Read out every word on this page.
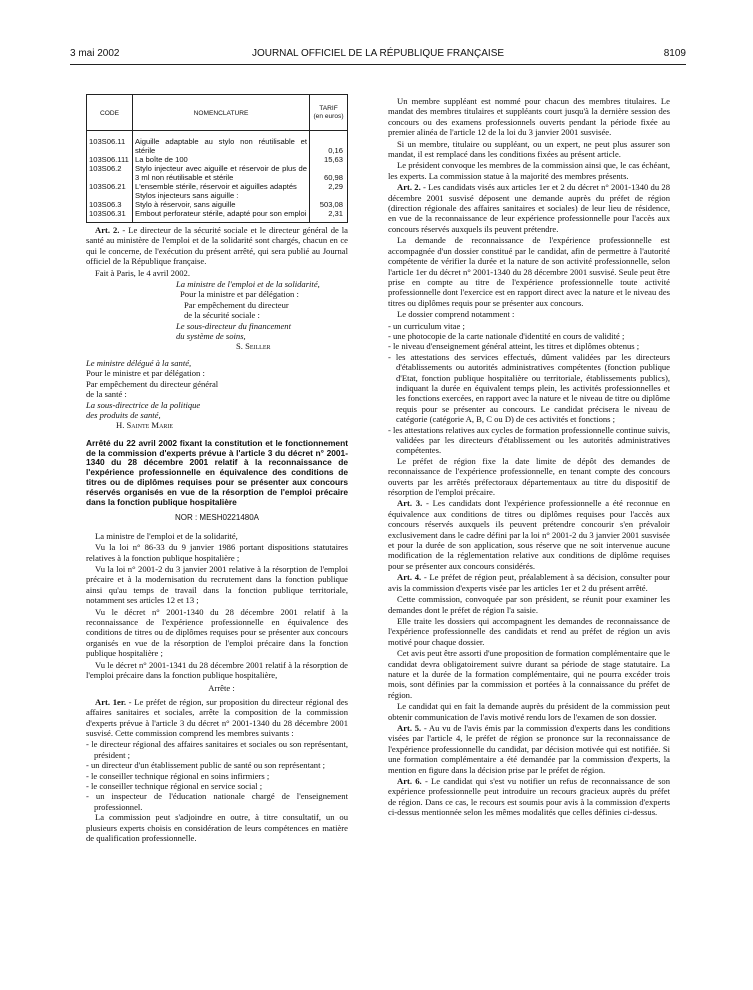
3 mai 2002	JOURNAL OFFICIEL DE LA RÉPUBLIQUE FRANÇAISE	8109
CODE	NOMENCLATURE	TARIF
(en euros)
103S06.11	Aiguille adaptable au stylo non réutilisable et stérile	0,16
103S06.111	La boîte de 100	15,63
103S06.2	Stylo injecteur avec aiguille et réservoir de plus de 3 ml non réutilisable et stérile	60,98
103S06.21	L'ensemble stérile, réservoir et aiguilles adaptés	2,29
	Stylos injecteurs sans aiguille :	
103S06.3	Stylo à réservoir, sans aiguille	503,08
103S06.31	Embout perforateur stérile, adapté pour son emploi	2,31

Art. 2. - Le directeur de la sécurité sociale et le directeur général de la santé au ministère de l'emploi et de la solidarité sont chargés, chacun en ce qui le concerne, de l'exécution du présent arrêté, qui sera publié au Journal officiel de la République française.

Fait à Paris, le 4 avril 2002.

La ministre de l'emploi et de la solidarité,
Pour la ministre et par délégation :
Par empêchement du directeur
de la sécurité sociale :
Le sous-directeur du financement
du système de soins,
S. Seiller
Le ministre délégué à la santé,
Pour le ministre et par délégation :
Par empêchement du directeur général
de la santé :
La sous-directrice de la politique
des produits de santé,
H. Sainte Marie
Arrêté du 22 avril 2002 fixant la constitution et le fonctionnement de la commission d'experts prévue à l'article 3 du décret n° 2001-1340 du 28 décembre 2001 relatif à la reconnaissance de l'expérience professionnelle en équivalence des conditions de titres ou de diplômes requises pour se présenter aux concours réservés organisés en vue de la résorption de l'emploi précaire dans la fonction publique hospitalière
NOR : MESH0221480A

La ministre de l'emploi et de la solidarité,

Vu la loi n° 86-33 du 9 janvier 1986 portant dispositions statutaires relatives à la fonction publique hospitalière ;

Vu la loi n° 2001-2 du 3 janvier 2001 relative à la résorption de l'emploi précaire et à la modernisation du recrutement dans la fonction publique ainsi qu'au temps de travail dans la fonction publique territoriale, notamment ses articles 12 et 13 ;

Vu le décret n° 2001-1340 du 28 décembre 2001 relatif à la reconnaissance de l'expérience professionnelle en équivalence des conditions de titres ou de diplômes requises pour se présenter aux concours organisés en vue de la résorption de l'emploi précaire dans la fonction publique hospitalière ;

Vu le décret n° 2001-1341 du 28 décembre 2001 relatif à la résorption de l'emploi précaire dans la fonction publique hospitalière,

Arrête :

Art. 1er. - Le préfet de région, sur proposition du directeur régional des affaires sanitaires et sociales, arrête la composition de la commission d'experts prévue à l'article 3 du décret n° 2001-1340 du 28 décembre 2001 susvisé. Cette commission comprend les membres suivants :

- le directeur régional des affaires sanitaires et sociales ou son représentant, président ;
- un directeur d'un établissement public de santé ou son représentant ;
- le conseiller technique régional en soins infirmiers ;
- le conseiller technique régional en service social ;
- un inspecteur de l'éducation nationale chargé de l'enseignement professionnel.

La commission peut s'adjoindre en outre, à titre consultatif, un ou plusieurs experts choisis en considération de leurs compétences en matière de qualification professionnelle.

Un membre suppléant est nommé pour chacun des membres titulaires. Le mandat des membres titulaires et suppléants court jusqu'à la dernière session des concours ou des examens professionnels ouverts pendant la période fixée au premier alinéa de l'article 12 de la loi du 3 janvier 2001 susvisée.

Si un membre, titulaire ou suppléant, ou un expert, ne peut plus assurer son mandat, il est remplacé dans les conditions fixées au présent article.

Le président convoque les membres de la commission ainsi que, le cas échéant, les experts. La commission statue à la majorité des membres présents.

Art. 2. - Les candidats visés aux articles 1er et 2 du décret n° 2001-1340 du 28 décembre 2001 susvisé déposent une demande auprès du préfet de région (direction régionale des affaires sanitaires et sociales) de leur lieu de résidence, en vue de la reconnaissance de leur expérience professionnelle pour l'accès aux concours réservés auxquels ils peuvent prétendre.

La demande de reconnaissance de l'expérience professionnelle est accompagnée d'un dossier constitué par le candidat, afin de permettre à l'autorité compétente de vérifier la durée et la nature de son activité professionnelle, selon l'article 1er du décret n° 2001-1340 du 28 décembre 2001 susvisé. Seule peut être prise en compte au titre de l'expérience professionnelle toute activité professionnelle dont l'exercice est en rapport direct avec la nature et le niveau des titres ou diplômes requis pour se présenter aux concours.

Le dossier comprend notamment :

- un curriculum vitae ;
- une photocopie de la carte nationale d'identité en cours de validité ;
- le niveau d'enseignement général atteint, les titres et diplômes obtenus ;
- les attestations des services effectués, dûment validées par les directeurs d'établissements ou autorités administratives compétentes (fonction publique d'Etat, fonction publique hospitalière ou territoriale, établissements publics), indiquant la durée en équivalent temps plein, les activités professionnelles et les fonctions exercées, en rapport avec la nature et le niveau de titre ou diplôme requis pour se présenter au concours. Le candidat précisera le niveau de catégorie (catégorie A, B, C ou D) de ces activités et fonctions ;
- les attestations relatives aux cycles de formation professionnelle continue suivis, validées par les directeurs d'établissement ou les autorités administratives compétentes.

Le préfet de région fixe la date limite de dépôt des demandes de reconnaissance de l'expérience professionnelle, en tenant compte des concours ouverts par les arrêtés préfectoraux départementaux au titre du dispositif de résorption de l'emploi précaire.

Art. 3. - Les candidats dont l'expérience professionnelle a été reconnue en équivalence aux conditions de titres ou diplômes requises pour l'accès aux concours réservés auxquels ils peuvent prétendre concourir s'en prévaloir exclusivement dans le cadre défini par la loi n° 2001-2 du 3 janvier 2001 susvisée et pour la durée de son application, sous réserve que ne soit intervenue aucune modification de la réglementation relative aux conditions de diplôme requises pour se présenter aux concours considérés.

Art. 4. - Le préfet de région peut, préalablement à sa décision, consulter pour avis la commission d'experts visée par les articles 1er et 2 du présent arrêté.

Cette commission, convoquée par son président, se réunit pour examiner les demandes dont le préfet de région l'a saisie.

Elle traite les dossiers qui accompagnent les demandes de reconnaissance de l'expérience professionnelle des candidats et rend au préfet de région un avis motivé pour chaque dossier.

Cet avis peut être assorti d'une proposition de formation complémentaire que le candidat devra obligatoirement suivre durant sa période de stage statutaire. La nature et la durée de la formation complémentaire, qui ne pourra excéder trois mois, sont définies par la commission et portées à la connaissance du préfet de région.

Le candidat qui en fait la demande auprès du président de la commission peut obtenir communication de l'avis motivé rendu lors de l'examen de son dossier.

Art. 5. - Au vu de l'avis émis par la commission d'experts dans les conditions visées par l'article 4, le préfet de région se prononce sur la reconnaissance de l'expérience professionnelle du candidat, par décision motivée qui est notifiée. Si une formation complémentaire a été demandée par la commission d'experts, la mention en figure dans la décision prise par le préfet de région.

Art. 6. - Le candidat qui s'est vu notifier un refus de reconnaissance de son expérience professionnelle peut introduire un recours gracieux auprès du préfet de région. Dans ce cas, le recours est soumis pour avis à la commission d'experts ci-dessus mentionnée selon les mêmes modalités que celles définies ci-dessus.
